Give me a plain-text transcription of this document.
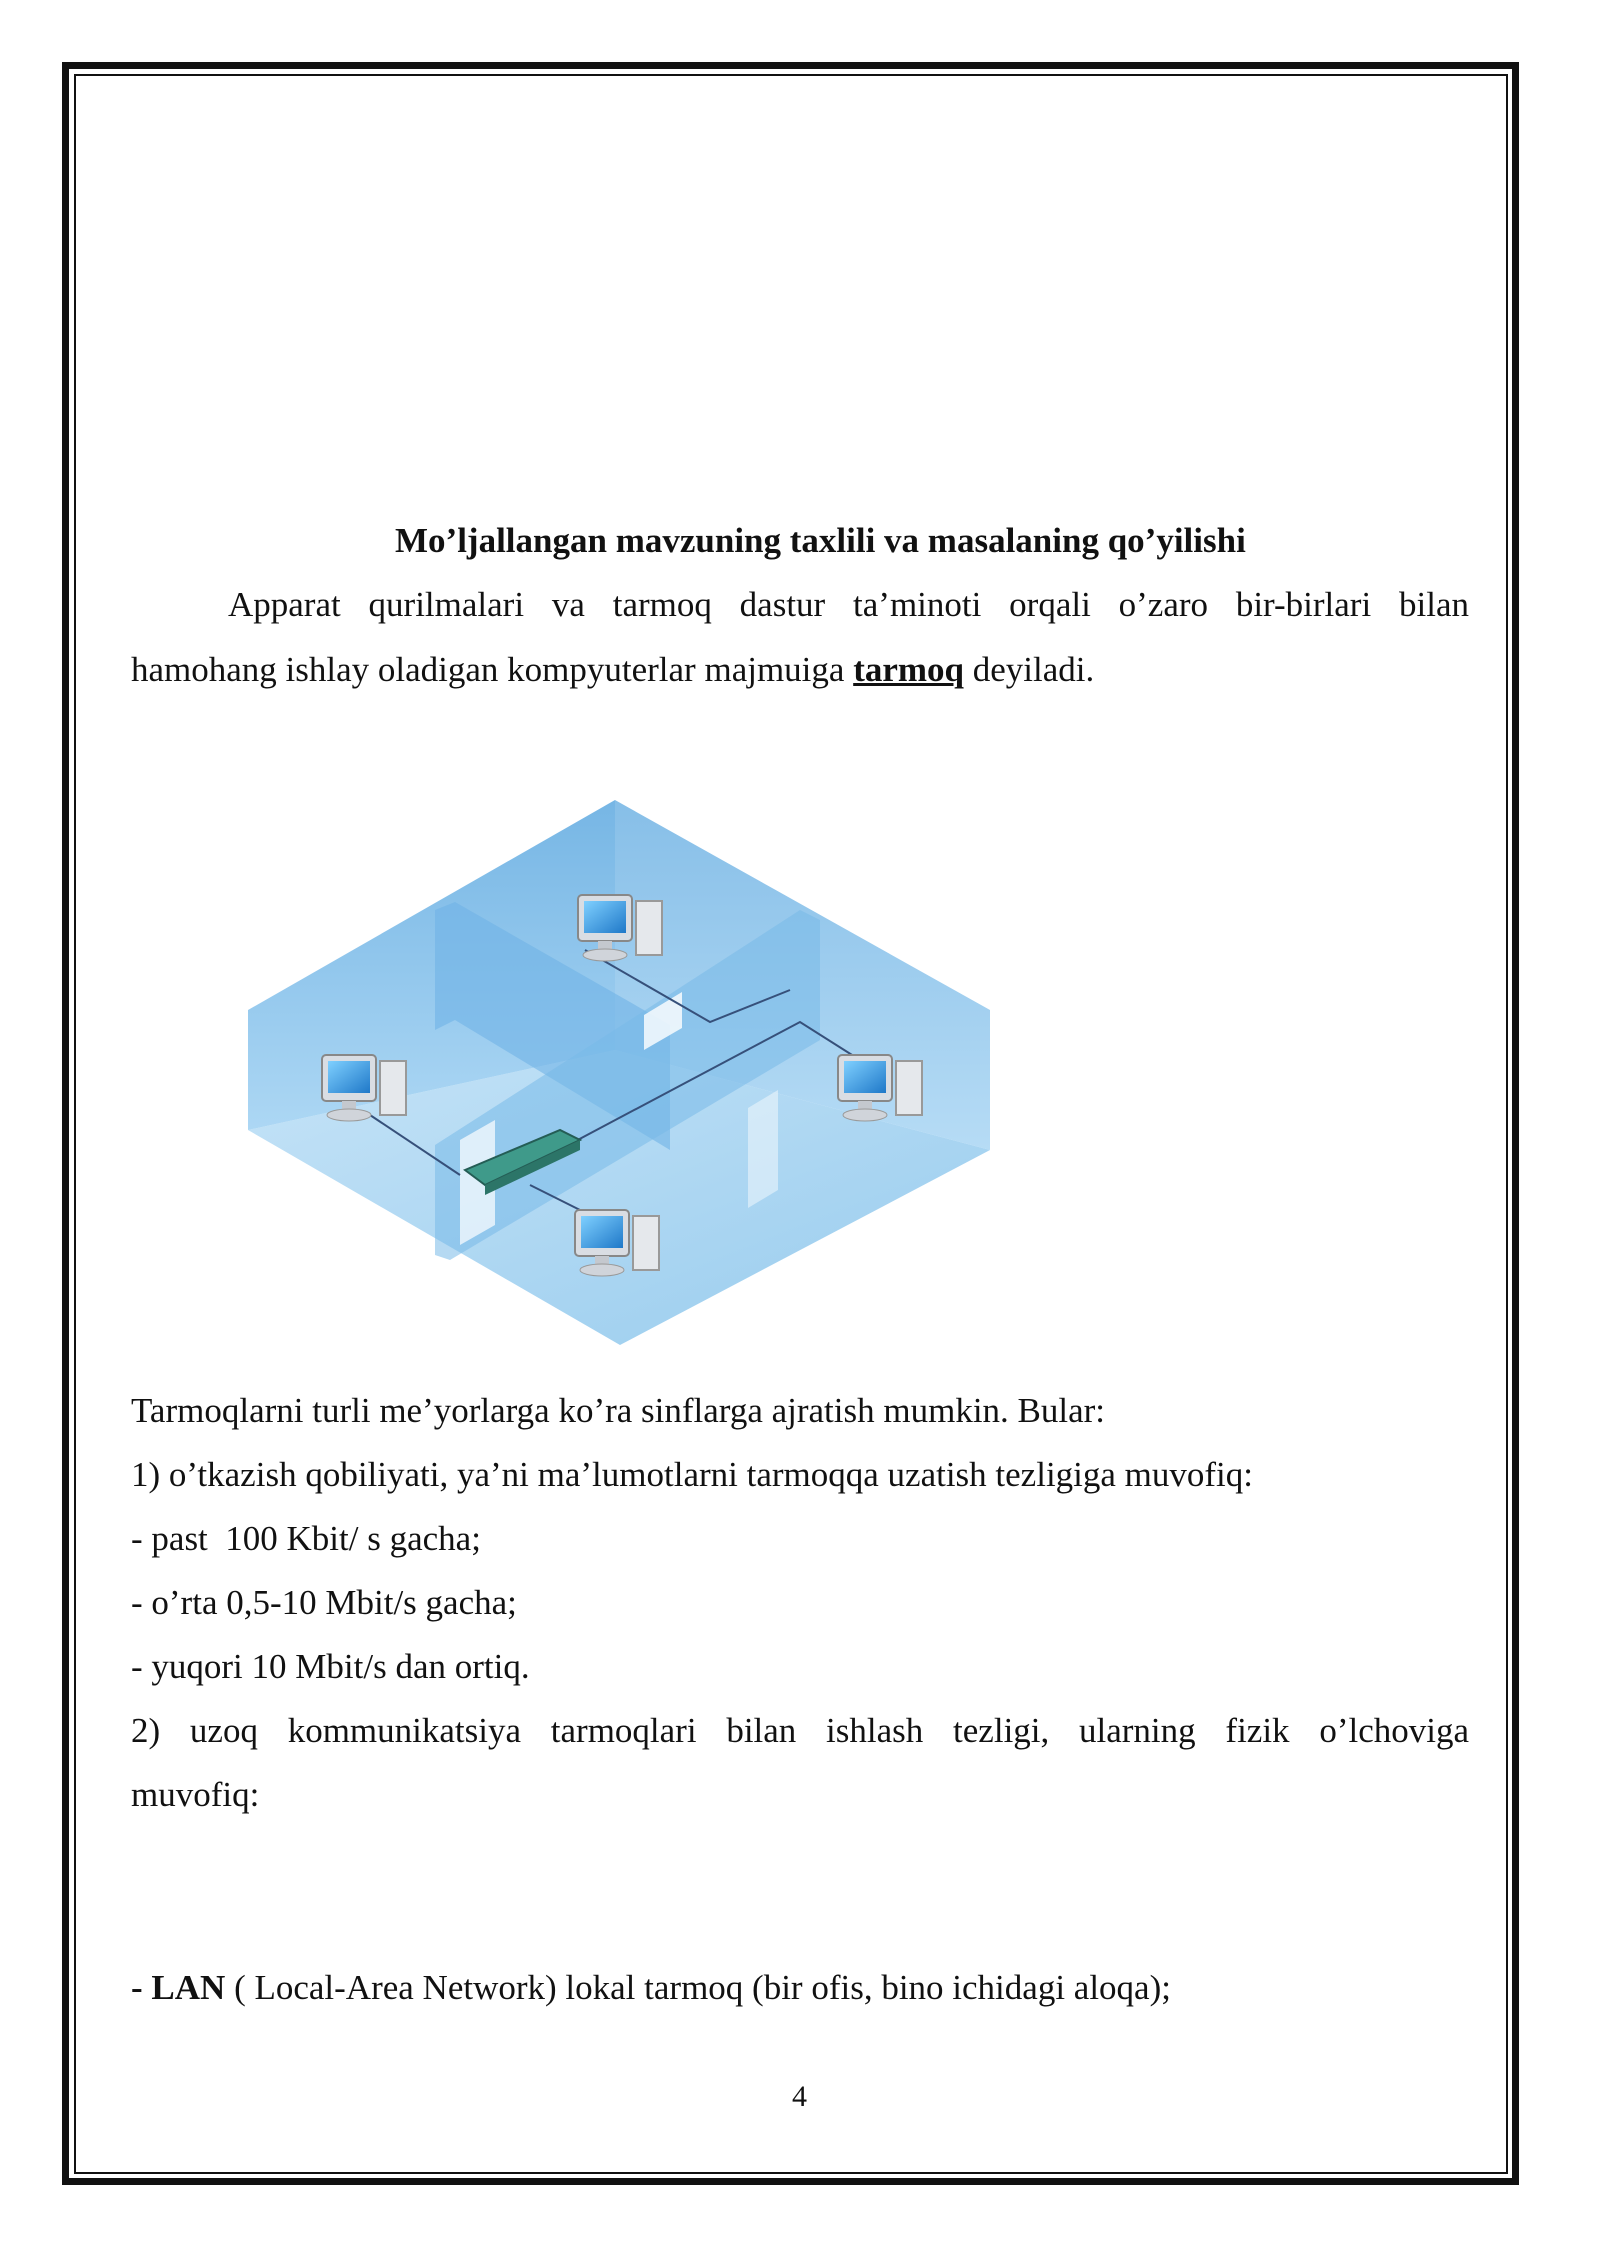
Mo’ljallangan mavzuning taxlili va masalaning qo’yilishi
Apparat qurilmalari va tarmoq dastur ta’minoti orqali o’zaro bir-birlari bilan
hamohang ishlay oladigan kompyuterlar majmuiga tarmoq deyiladi.
Tarmoqlarni turli me’yorlarga ko’ra sinflarga ajratish mumkin. Bular:
1) o’tkazish qobiliyati, ya’ni ma’lumotlarni tarmoqqa uzatish tezligiga muvofiq:
- past  100 Kbit/ s gacha;
- o’rta 0,5-10 Mbit/s gacha;
- yuqori 10 Mbit/s dan ortiq.
2) uzoq kommunikatsiya tarmoqlari bilan ishlash tezligi, ularning fizik o’lchoviga
muvofiq:
- LAN ( Local-Area Network) lokal tarmoq (bir ofis, bino ichidagi aloqa);
4
